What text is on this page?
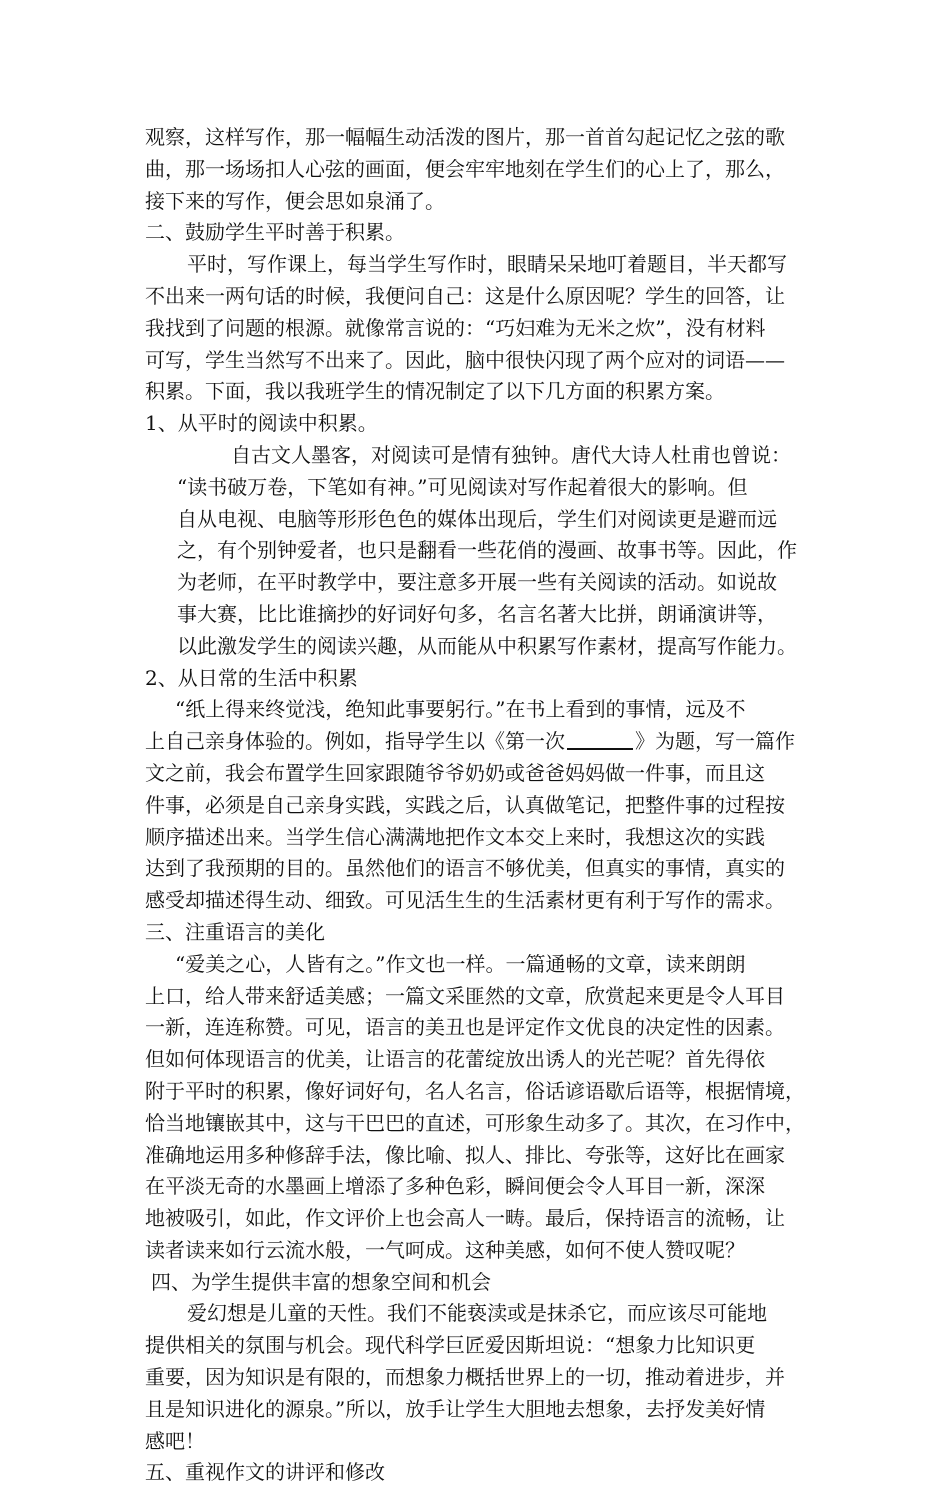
观察，这样写作，那一幅幅生动活泼的图片，那一首首勾起记忆之弦的歌
曲，那一场场扣人心弦的画面，便会牢牢地刻在学生们的心上了，那么，
接下来的写作，便会思如泉涌了。
二、鼓励学生平时善于积累。
平时，写作课上，每当学生写作时，眼睛呆呆地叮着题目，半天都写
不出来一两句话的时候，我便问自己：这是什么原因呢？学生的回答，让
我找到了问题的根源。就像常言说的：“巧妇难为无米之炊”，没有材料
可写，学生当然写不出来了。因此，脑中很快闪现了两个应对的词语——
积累。下面，我以我班学生的情况制定了以下几方面的积累方案。
1、从平时的阅读中积累。
自古文人墨客，对阅读可是情有独钟。唐代大诗人杜甫也曾说：
“读书破万卷，下笔如有神。”可见阅读对写作起着很大的影响。但
自从电视、电脑等形形色色的媒体出现后，学生们对阅读更是避而远
之，有个别钟爱者，也只是翻看一些花俏的漫画、故事书等。因此，作
为老师，在平时教学中，要注意多开展一些有关阅读的活动。如说故
事大赛，比比谁摘抄的好词好句多，名言名著大比拼，朗诵演讲等，
以此激发学生的阅读兴趣，从而能从中积累写作素材，提高写作能力。
2、从日常的生活中积累
“纸上得来终觉浅，绝知此事要躬行。”在书上看到的事情，远及不
上自己亲身体验的。例如，指导学生以《第一次	》为题，写一篇作
文之前，我会布置学生回家跟随爷爷奶奶或爸爸妈妈做一件事，而且这
件事，必须是自己亲身实践，实践之后，认真做笔记，把整件事的过程按
顺序描述出来。当学生信心满满地把作文本交上来时，我想这次的实践
达到了我预期的目的。虽然他们的语言不够优美，但真实的事情，真实的
感受却描述得生动、细致。可见活生生的生活素材更有利于写作的需求。
三、注重语言的美化
“爱美之心，人皆有之。”作文也一样。一篇通畅的文章，读来朗朗
上口，给人带来舒适美感；一篇文采匪然的文章，欣赏起来更是令人耳目
一新，连连称赞。可见，语言的美丑也是评定作文优良的决定性的因素。
但如何体现语言的优美，让语言的花蕾绽放出诱人的光芒呢？首先得依
附于平时的积累，像好词好句，名人名言，俗话谚语歇后语等，根据情境，
恰当地镶嵌其中，这与干巴巴的直述，可形象生动多了。其次，在习作中，
准确地运用多种修辞手法，像比喻、拟人、排比、夸张等，这好比在画家
在平淡无奇的水墨画上增添了多种色彩，瞬间便会令人耳目一新，深深
地被吸引，如此，作文评价上也会高人一畴。最后，保持语言的流畅，让
读者读来如行云流水般，一气呵成。这种美感，如何不使人赞叹呢？
四、为学生提供丰富的想象空间和机会
爱幻想是儿童的天性。我们不能亵渎或是抹杀它，而应该尽可能地
提供相关的氛围与机会。现代科学巨匠爱因斯坦说：“想象力比知识更
重要，因为知识是有限的，而想象力概括世界上的一切，推动着进步，并
且是知识进化的源泉。”所以，放手让学生大胆地去想象，去抒发美好情
感吧！
五、重视作文的讲评和修改
